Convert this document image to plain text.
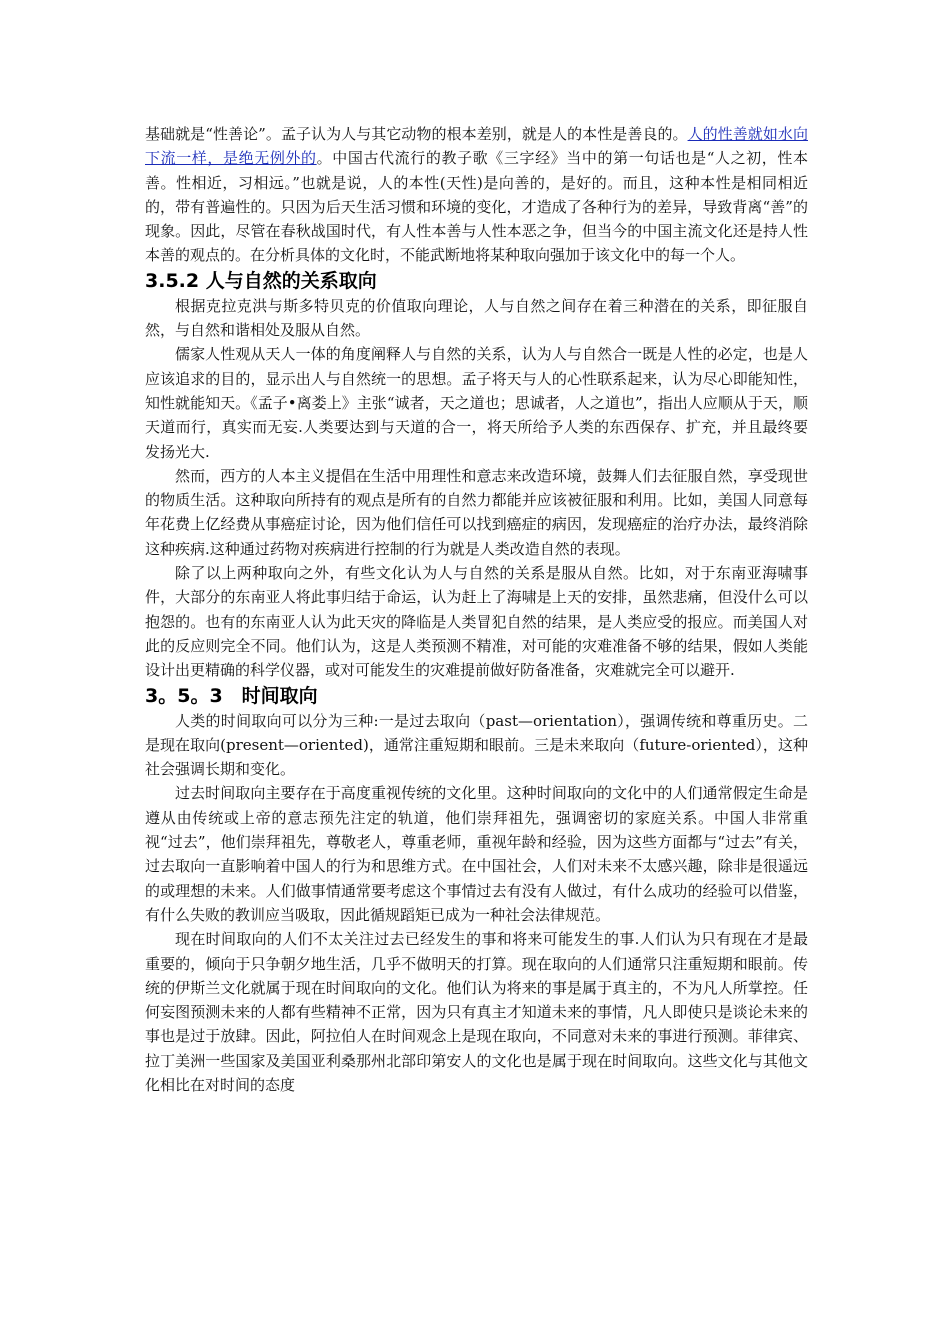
基础就是“性善论”。孟子认为人与其它动物的根本差别，就是人的本性是善良的。人的性善就如水向下流一样，是绝无例外的。中国古代流行的教子歌《三字经》当中的第一句话也是“人之初，性本善。性相近，习相远。”也就是说，人的本性(天性)是向善的，是好的。而且，这种本性是相同相近的，带有普遍性的。只因为后天生活习惯和环境的变化，才造成了各种行为的差异，导致背离“善”的现象。因此，尽管在春秋战国时代，有人性本善与人性本恶之争，但当今的中国主流文化还是持人性本善的观点的。在分析具体的文化时，不能武断地将某种取向强加于该文化中的每一个人。

3.5.2 人与自然的关系取向

根据克拉克洪与斯多特贝克的价值取向理论，人与自然之间存在着三种潜在的关系，即征服自然，与自然和谐相处及服从自然。

儒家人性观从天人一体的角度阐释人与自然的关系，认为人与自然合一既是人性的必定，也是人应该追求的目的，显示出人与自然统一的思想。孟子将天与人的心性联系起来，认为尽心即能知性，知性就能知天。《孟子•离娄上》主张“诚者，天之道也；思诚者，人之道也”，指出人应顺从于天，顺天道而行，真实而无妄.人类要达到与天道的合一，将天所给予人类的东西保存、扩充，并且最终要发扬光大.

然而，西方的人本主义提倡在生活中用理性和意志来改造环境，鼓舞人们去征服自然，享受现世的物质生活。这种取向所持有的观点是所有的自然力都能并应该被征服和利用。比如，美国人同意每年花费上亿经费从事癌症讨论，因为他们信任可以找到癌症的病因，发现癌症的治疗办法，最终消除这种疾病.这种通过药物对疾病进行控制的行为就是人类改造自然的表现。

除了以上两种取向之外，有些文化认为人与自然的关系是服从自然。比如，对于东南亚海啸事件，大部分的东南亚人将此事归结于命运，认为赶上了海啸是上天的安排，虽然悲痛，但没什么可以抱怨的。也有的东南亚人认为此天灾的降临是人类冒犯自然的结果，是人类应受的报应。而美国人对此的反应则完全不同。他们认为，这是人类预测不精准，对可能的灾难准备不够的结果，假如人类能设计出更精确的科学仪器，或对可能发生的灾难提前做好防备准备，灾难就完全可以避开.

3。5。3　时间取向

人类的时间取向可以分为三种:一是过去取向（past—orientation），强调传统和尊重历史。二是现在取向(present—oriented)，通常注重短期和眼前。三是未来取向（future-oriented），这种社会强调长期和变化。

过去时间取向主要存在于高度重视传统的文化里。这种时间取向的文化中的人们通常假定生命是遵从由传统或上帝的意志预先注定的轨道，他们崇拜祖先，强调密切的家庭关系。中国人非常重视“过去”，他们崇拜祖先，尊敬老人，尊重老师，重视年龄和经验，因为这些方面都与“过去”有关，过去取向一直影响着中国人的行为和思维方式。在中国社会，人们对未来不太感兴趣，除非是很遥远的或理想的未来。人们做事情通常要考虑这个事情过去有没有人做过，有什么成功的经验可以借鉴，有什么失败的教训应当吸取，因此循规蹈矩已成为一种社会法律规范。

现在时间取向的人们不太关注过去已经发生的事和将来可能发生的事.人们认为只有现在才是最重要的，倾向于只争朝夕地生活，几乎不做明天的打算。现在取向的人们通常只注重短期和眼前。传统的伊斯兰文化就属于现在时间取向的文化。他们认为将来的事是属于真主的，不为凡人所掌控。任何妄图预测未来的人都有些精神不正常，因为只有真主才知道未来的事情，凡人即使只是谈论未来的事也是过于放肆。因此，阿拉伯人在时间观念上是现在取向，不同意对未来的事进行预测。菲律宾、拉丁美洲一些国家及美国亚利桑那州北部印第安人的文化也是属于现在时间取向。这些文化与其他文化相比在对时间的态度
